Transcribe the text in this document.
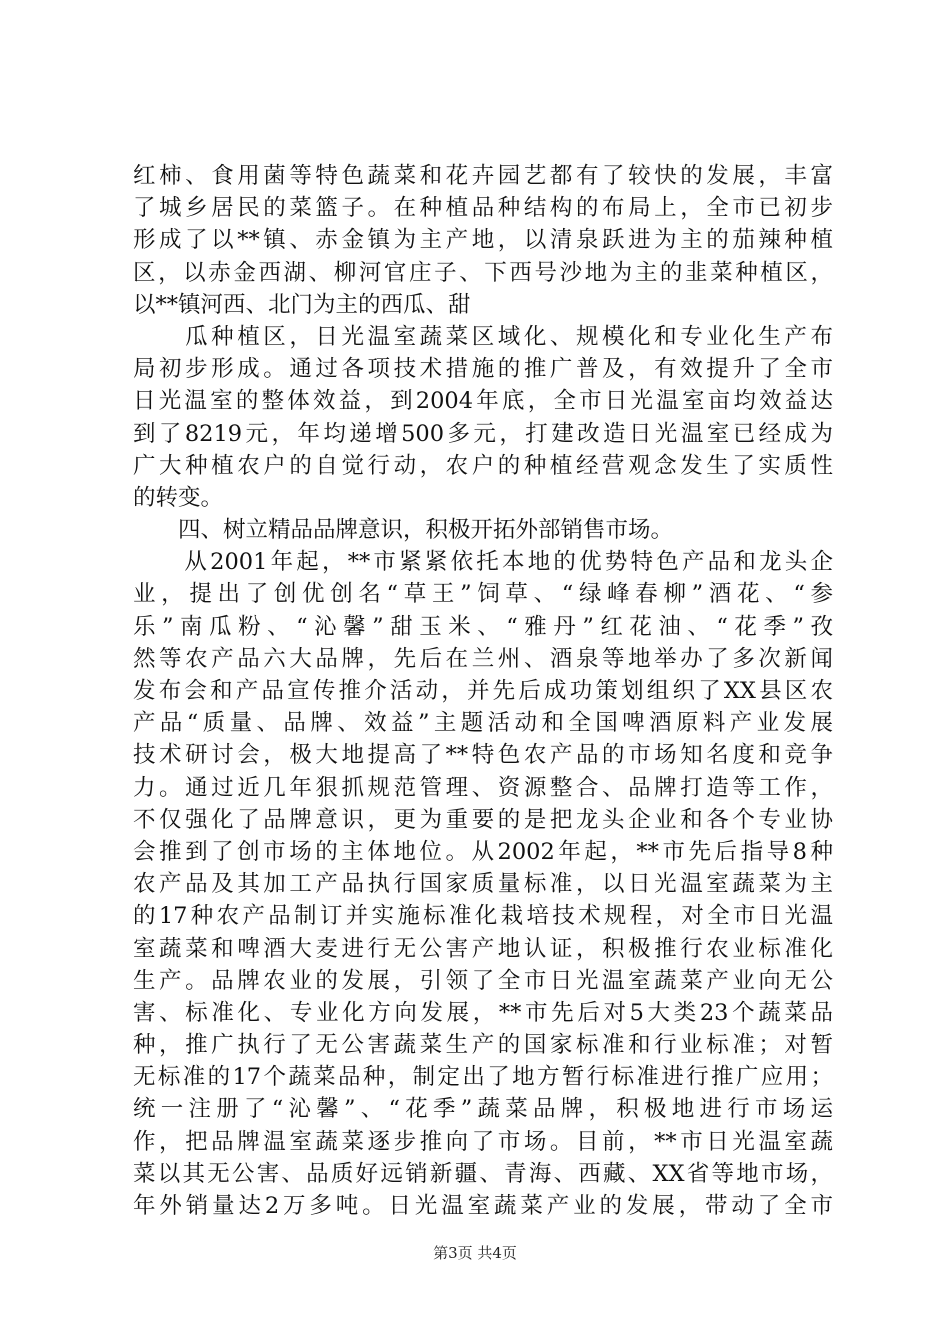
红柿、食用菌等特色蔬菜和花卉园艺都有了较快的发展，丰富
了城乡居民的菜篮子。在种植品种结构的布局上，全市已初步
形成了以**镇、赤金镇为主产地，以清泉跃进为主的茄辣种植
区，以赤金西湖、柳河官庄子、下西号沙地为主的韭菜种植区，
以**镇河西、北门为主的西瓜、甜
　　瓜种植区，日光温室蔬菜区域化、规模化和专业化生产布
局初步形成。通过各项技术措施的推广普及，有效提升了全市
日光温室的整体效益，到2004年底，全市日光温室亩均效益达
到了8219元，年均递增500多元，打建改造日光温室已经成为
广大种植农户的自觉行动，农户的种植经营观念发生了实质性
的转变。
　　四、树立精品品牌意识，积极开拓外部销售市场。
　　从2001年起，**市紧紧依托本地的优势特色产品和龙头企
业，提出了创优创名“草王”饲草、“绿峰春柳”酒花、“参
乐”南瓜粉、“沁馨”甜玉米、“雅丹”红花油、“花季”孜
然等农产品六大品牌，先后在兰州、酒泉等地举办了多次新闻
发布会和产品宣传推介活动，并先后成功策划组织了XX县区农
产品“质量、品牌、效益”主题活动和全国啤酒原料产业发展
技术研讨会，极大地提高了**特色农产品的市场知名度和竞争
力。通过近几年狠抓规范管理、资源整合、品牌打造等工作，
不仅强化了品牌意识，更为重要的是把龙头企业和各个专业协
会推到了创市场的主体地位。从2002年起，**市先后指导8种
农产品及其加工产品执行国家质量标准，以日光温室蔬菜为主
的17种农产品制订并实施标准化栽培技术规程，对全市日光温
室蔬菜和啤酒大麦进行无公害产地认证，积极推行农业标准化
生产。品牌农业的发展，引领了全市日光温室蔬菜产业向无公
害、标准化、专业化方向发展，**市先后对5大类23个蔬菜品
种，推广执行了无公害蔬菜生产的国家标准和行业标准；对暂
无标准的17个蔬菜品种，制定出了地方暂行标准进行推广应用；
统一注册了“沁馨”、“花季”蔬菜品牌，积极地进行市场运
作，把品牌温室蔬菜逐步推向了市场。目前，**市日光温室蔬
菜以其无公害、品质好远销新疆、青海、西藏、XX省等地市场，
年外销量达2万多吨。日光温室蔬菜产业的发展，带动了全市
第3页 共4页
